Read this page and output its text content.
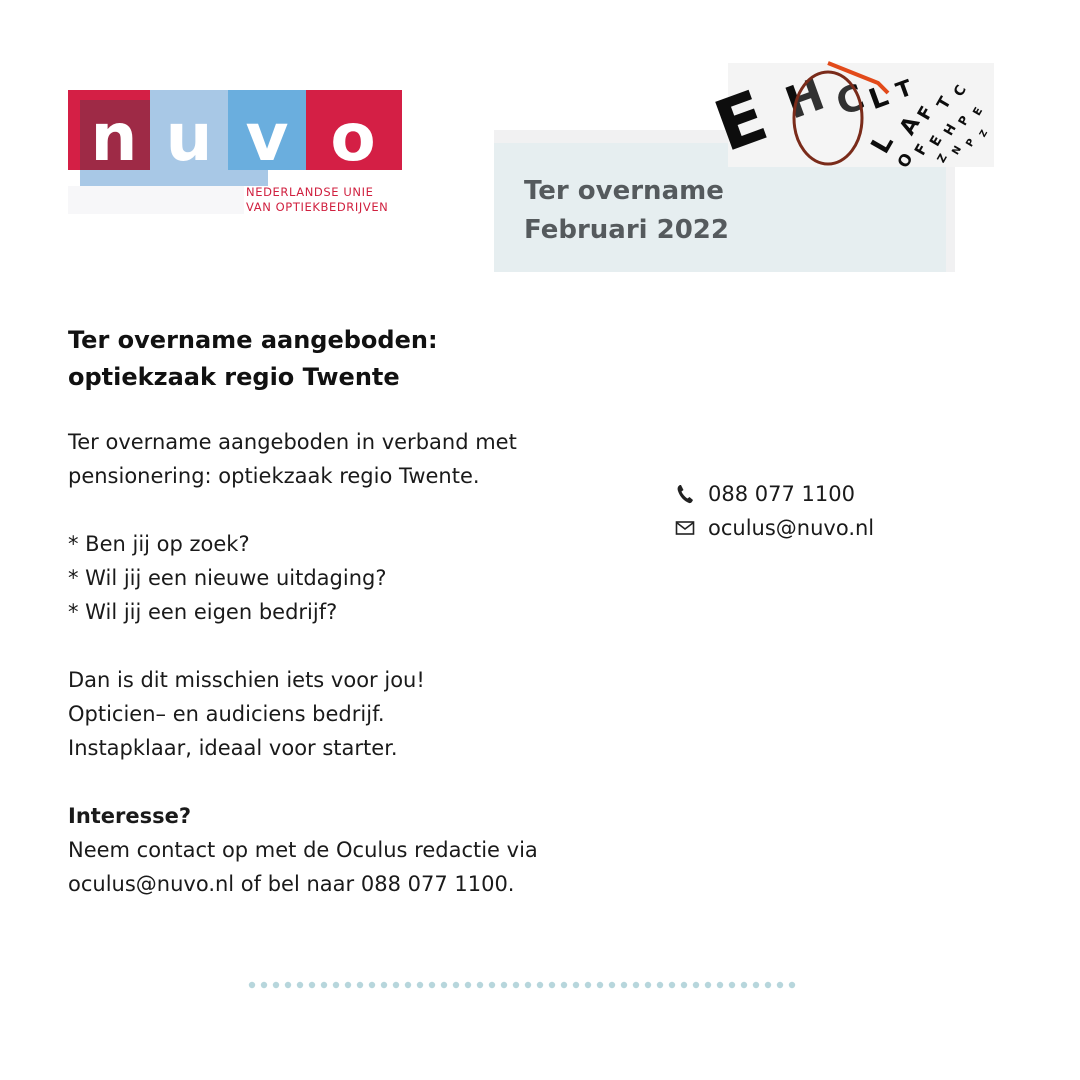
n u v o
NEDERLANDSE UNIE
VAN OPTIEKBEDRIJVEN
Ter overname
Februari 2022
E	L T
L
A
F
T
C
O
F
E
H
P
E
Z
N
P
Z
Ter overname aangeboden:
optiekzaak regio Twente
Ter overname aangeboden in verband met
pensionering: optiekzaak regio Twente.
* Ben jij op zoek?
* Wil jij een nieuwe uitdaging?
* Wil jij een eigen bedrijf?
Dan is dit misschien iets voor jou!
Opticien– en audiciens bedrijf.
Instapklaar, ideaal voor starter.
Interesse?
Neem contact op met de Oculus redactie via
oculus@nuvo.nl of bel naar 088 077 1100.
088 077 1100
oculus@nuvo.nl
